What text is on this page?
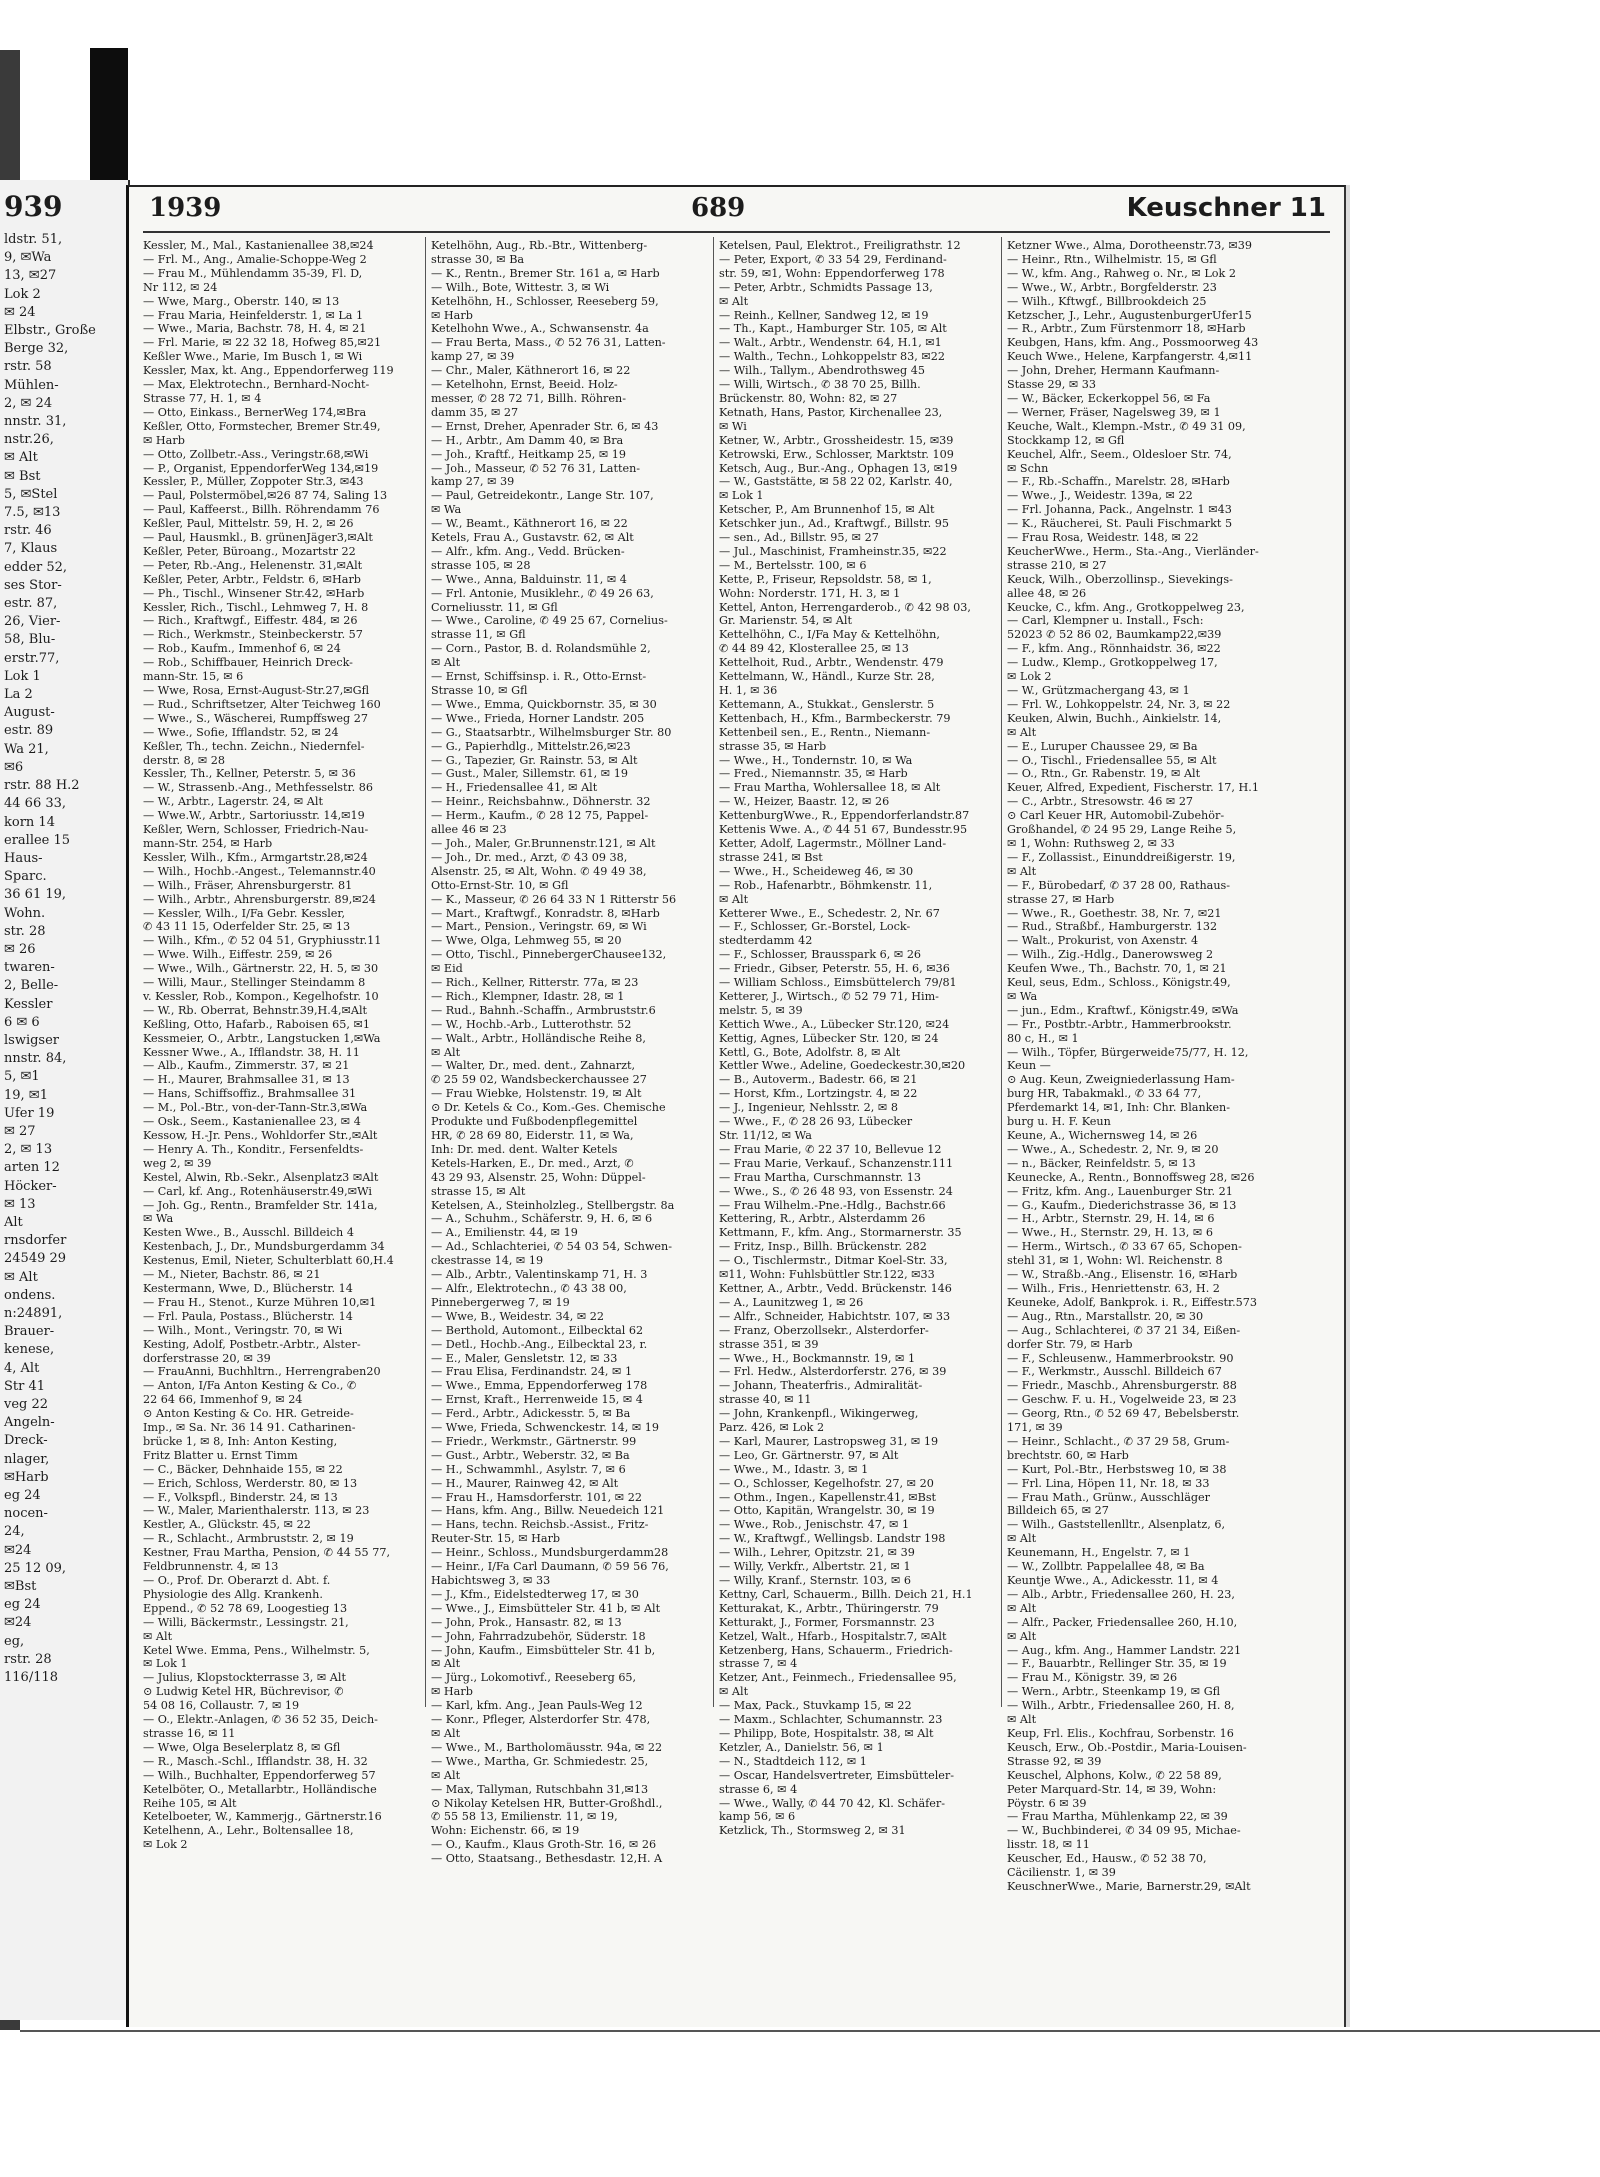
939
ldstr. 51,
9, ✉Wa
13, ✉27
Lok 2
✉ 24
Elbstr., Große
Berge 32,
rstr. 58
Mühlen-
2, ✉ 24
nnstr. 31,
nstr.26,
✉ Alt
✉ Bst
5, ✉Stel
7.5, ✉13
rstr. 46
7, Klaus
edder 52,
ses Stor-
estr. 87,
26, Vier-
58, Blu-
erstr.77,
Lok 1
La 2
August-
estr. 89
Wa 21,
✉6
rstr. 88 H.2
44 66 33,
korn 14
erallee 15
Haus-
Sparc.
36 61 19,
Wohn.
str. 28
✉ 26
twaren-
2, Belle-
Kessler
6 ✉ 6
lswigser
nnstr. 84,
5, ✉1
19, ✉1
Ufer 19
✉ 27
2, ✉ 13
arten 12
Höcker-
✉ 13
Alt
rnsdorfer
24549 29
✉ Alt
ondens.
n:24891,
Brauer-
kenese,
4, Alt
Str 41
veg 22
Angeln-
Dreck-
nlager,
✉Harb
eg 24
nocen-
24,
✉24
25 12 09,
✉Bst
eg 24
✉24
eg,
rstr. 28
116/118
1939	689	Keuschner 11
Kessler, M., Mal., Kastanienallee 38,✉24
— Frl. M., Ang., Amalie-Schoppe-Weg 2
— Frau M., Mühlendamm 35-39, Fl. D,
Nr 112, ✉ 24
— Wwe, Marg., Oberstr. 140, ✉ 13
— Frau Maria, Heinfelderstr. 1, ✉ La 1
— Wwe., Maria, Bachstr. 78, H. 4, ✉ 21
— Frl. Marie, ✉ 22 32 18, Hofweg 85,✉21
Keßler Wwe., Marie, Im Busch 1, ✉ Wi
Kessler, Max, kt. Ang., Eppendorferweg 119
— Max, Elektrotechn., Bernhard-Nocht-
Strasse 77, H. 1, ✉ 4
— Otto, Einkass., BernerWeg 174,✉Bra
Keßler, Otto, Formstecher, Bremer Str.49,
✉ Harb
— Otto, Zollbetr.-Ass., Veringstr.68,✉Wi
— P., Organist, EppendorferWeg 134,✉19
Kessler, P., Müller, Zoppoter Str.3, ✉43
— Paul, Polstermöbel,✉26 87 74, Saling 13
— Paul, Kaffeerst., Billh. Röhrendamm 76
Keßler, Paul, Mittelstr. 59, H. 2, ✉ 26
— Paul, Hausmkl., B. grünenJäger3,✉Alt
Keßler, Peter, Büroang., Mozartstr 22
— Peter, Rb.-Ang., Helenenstr. 31,✉Alt
Keßler, Peter, Arbtr., Feldstr. 6, ✉Harb
— Ph., Tischl., Winsener Str.42, ✉Harb
Kessler, Rich., Tischl., Lehmweg 7, H. 8
— Rich., Kraftwgf., Eiffestr. 484, ✉ 26
— Rich., Werkmstr., Steinbeckerstr. 57
— Rob., Kaufm., Immenhof 6, ✉ 24
— Rob., Schiffbauer, Heinrich Dreck-
mann-Str. 15, ✉ 6
— Wwe, Rosa, Ernst-August-Str.27,✉Gfl
— Rud., Schriftsetzer, Alter Teichweg 160
— Wwe., S., Wäscherei, Rumpffsweg 27
— Wwe., Sofie, Ifflandstr. 52, ✉ 24
Keßler, Th., techn. Zeichn., Niedernfel-
derstr. 8, ✉ 28
Kessler, Th., Kellner, Peterstr. 5, ✉ 36
— W., Strassenb.-Ang., Methfesselstr. 86
— W., Arbtr., Lagerstr. 24, ✉ Alt
— Wwe.W., Arbtr., Sartoriusstr. 14,✉19
Keßler, Wern, Schlosser, Friedrich-Nau-
mann-Str. 254, ✉ Harb
Kessler, Wilh., Kfm., Armgartstr.28,✉24
— Wilh., Hochb.-Angest., Telemannstr.40
— Wilh., Fräser, Ahrensburgerstr. 81
— Wilh., Arbtr., Ahrensburgerstr. 89,✉24
— Kessler, Wilh., I/Fa Gebr. Kessler,
✆ 43 11 15, Oderfelder Str. 25, ✉ 13
— Wilh., Kfm., ✆ 52 04 51, Gryphiusstr.11
— Wwe. Wilh., Eiffestr. 259, ✉ 26
— Wwe., Wilh., Gärtnerstr. 22, H. 5, ✉ 30
— Willi, Maur., Stellinger Steindamm 8
v. Kessler, Rob., Kompon., Kegelhofstr. 10
— W., Rb. Oberrat, Behnstr.39,H.4,✉Alt
Keßling, Otto, Hafarb., Raboisen 65, ✉1
Kessmeier, O., Arbtr., Langstucken 1,✉Wa
Kessner Wwe., A., Ifflandstr. 38, H. 11
— Alb., Kaufm., Zimmerstr. 37, ✉ 21
— H., Maurer, Brahmsallee 31, ✉ 13
— Hans, Schiffsoffiz., Brahmsallee 31
— M., Pol.-Btr., von-der-Tann-Str.3,✉Wa
— Osk., Seem., Kastanienallee 23, ✉ 4
Kessow, H.-Jr. Pens., Wohldorfer Str.,✉Alt
— Henry A. Th., Konditr., Fersenfeldts-
weg 2, ✉ 39
Kestel, Alwin, Rb.-Sekr., Alsenplatz3 ✉Alt
— Carl, kf. Ang., Rotenhäuserstr.49,✉Wi
— Joh. Gg., Rentn., Bramfelder Str. 141a,
✉ Wa
Kesten Wwe., B., Ausschl. Billdeich 4
Kestenbach, J., Dr., Mundsburgerdamm 34
Kestenus, Emil, Nieter, Schulterblatt 60,H.4
— M., Nieter, Bachstr. 86, ✉ 21
Kestermann, Wwe, D., Blücherstr. 14
— Frau H., Stenot., Kurze Mühren 10,✉1
— Frl. Paula, Postass., Blücherstr. 14
— Wilh., Mont., Veringstr. 70, ✉ Wi
Kesting, Adolf, Postbetr.-Arbtr., Alster-
dorferstrasse 20, ✉ 39
— FrauAnni, Buchhltrn., Herrengraben20
— Anton, I/Fa Anton Kesting & Co., ✆
22 64 66, Immenhof 9, ✉ 24
⊙ Anton Kesting & Co. HR. Getreide-
Imp., ✉ Sa. Nr. 36 14 91. Catharinen-
brücke 1, ✉ 8, Inh: Anton Kesting,
Fritz Blatter u. Ernst Timm
— C., Bäcker, Dehnhaide 155, ✉ 22
— Erich, Schloss, Werderstr. 80, ✉ 13
— F., Volkspfl., Binderstr. 24, ✉ 13
— W., Maler, Marienthalerstr. 113, ✉ 23
Kestler, A., Glückstr. 45, ✉ 22
— R., Schlacht., Armbruststr. 2, ✉ 19
Kestner, Frau Martha, Pension, ✆ 44 55 77,
Feldbrunnenstr. 4, ✉ 13
— O., Prof. Dr. Oberarzt d. Abt. f.
Physiologie des Allg. Krankenh.
Eppend., ✆ 52 78 69, Loogestieg 13
— Willi, Bäckermstr., Lessingstr. 21,
✉ Alt
Ketel Wwe. Emma, Pens., Wilhelmstr. 5,
✉ Lok 1
— Julius, Klopstockterrasse 3, ✉ Alt
⊙ Ludwig Ketel HR, Büchrevisor, ✆
54 08 16, Collaustr. 7, ✉ 19
— O., Elektr.-Anlagen, ✆ 36 52 35, Deich-
strasse 16, ✉ 11
— Wwe, Olga Beselerplatz 8, ✉ Gfl
— R., Masch.-Schl., Ifflandstr. 38, H. 32
— Wilh., Buchhalter, Eppendorferweg 57
Ketelböter, O., Metallarbtr., Holländische
Reihe 105, ✉ Alt
Ketelboeter, W., Kammerjg., Gärtnerstr.16
Ketelhenn, A., Lehr., Boltensallee 18,
✉ Lok 2
Ketelhöhn, Aug., Rb.-Btr., Wittenberg-
strasse 30, ✉ Ba
— K., Rentn., Bremer Str. 161 a, ✉ Harb
— Wilh., Bote, Wittestr. 3, ✉ Wi
Ketelhöhn, H., Schlosser, Reeseberg 59,
✉ Harb
Ketelhohn Wwe., A., Schwansenstr. 4a
— Frau Berta, Mass., ✆ 52 76 31, Latten-
kamp 27, ✉ 39
— Chr., Maler, Käthnerort 16, ✉ 22
— Ketelhohn, Ernst, Beeid. Holz-
messer, ✆ 28 72 71, Billh. Röhren-
damm 35, ✉ 27
— Ernst, Dreher, Apenrader Str. 6, ✉ 43
— H., Arbtr., Am Damm 40, ✉ Bra
— Joh., Kraftf., Heitkamp 25, ✉ 19
— Joh., Masseur, ✆ 52 76 31, Latten-
kamp 27, ✉ 39
— Paul, Getreidekontr., Lange Str. 107,
✉ Wa
— W., Beamt., Käthnerort 16, ✉ 22
Ketels, Frau A., Gustavstr. 62, ✉ Alt
— Alfr., kfm. Ang., Vedd. Brücken-
strasse 105, ✉ 28
— Wwe., Anna, Balduinstr. 11, ✉ 4
— Frl. Antonie, Musiklehr., ✆ 49 26 63,
Corneliusstr. 11, ✉ Gfl
— Wwe., Caroline, ✆ 49 25 67, Cornelius-
strasse 11, ✉ Gfl
— Corn., Pastor, B. d. Rolandsmühle 2,
✉ Alt
— Ernst, Schiffsinsp. i. R., Otto-Ernst-
Strasse 10, ✉ Gfl
— Wwe., Emma, Quickbornstr. 35, ✉ 30
— Wwe., Frieda, Horner Landstr. 205
— G., Staatsarbtr., Wilhelmsburger Str. 80
— G., Papierhdlg., Mittelstr.26,✉23
— G., Tapezier, Gr. Rainstr. 53, ✉ Alt
— Gust., Maler, Sillemstr. 61, ✉ 19
— H., Friedensallee 41, ✉ Alt
— Heinr., Reichsbahnw., Döhnerstr. 32
— Herm., Kaufm., ✆ 28 12 75, Pappel-
allee 46 ✉ 23
— Joh., Maler, Gr.Brunnenstr.121, ✉ Alt
— Joh., Dr. med., Arzt, ✆ 43 09 38,
Alsenstr. 25, ✉ Alt, Wohn. ✆ 49 49 38,
Otto-Ernst-Str. 10, ✉ Gfl
— K., Masseur, ✆ 26 64 33 N 1 Ritterstr 56
— Mart., Kraftwgf., Konradstr. 8, ✉Harb
— Mart., Pension., Veringstr. 69, ✉ Wi
— Wwe, Olga, Lehmweg 55, ✉ 20
— Otto, Tischl., PinnebergerChausee132,
✉ Eid
— Rich., Kellner, Ritterstr. 77a, ✉ 23
— Rich., Klempner, Idastr. 28, ✉ 1
— Rud., Bahnh.-Schaffn., Armbruststr.6
— W., Hochb.-Arb., Lutterothstr. 52
— Walt., Arbtr., Holländische Reihe 8,
✉ Alt
— Walter, Dr., med. dent., Zahnarzt,
✆ 25 59 02, Wandsbeckerchaussee 27
— Frau Wiebke, Holstenstr. 19, ✉ Alt
⊙ Dr. Ketels & Co., Kom.-Ges. Chemische
Produkte und Fußbodenpflegemittel
HR, ✆ 28 69 80, Eiderstr. 11, ✉ Wa,
Inh: Dr. med. dent. Walter Ketels
Ketels-Harken, E., Dr. med., Arzt, ✆
43 29 93, Alsenstr. 25, Wohn: Düppel-
strasse 15, ✉ Alt
Ketelsen, A., Steinholzleg., Stellbergstr. 8a
— A., Schuhm., Schäferstr. 9, H. 6, ✉ 6
— A., Emilienstr. 44, ✉ 19
— Ad., Schlachteriei, ✆ 54 03 54, Schwen-
ckestrasse 14, ✉ 19
— Alb., Arbtr., Valentinskamp 71, H. 3
— Alfr., Elektrotechn., ✆ 43 38 00,
Pinnebergerweg 7, ✉ 19
— Wwe, B., Weidestr. 34, ✉ 22
— Berthold, Automont., Eilbecktal 62
— Detl., Hochb.-Ang., Eilbecktal 23, r.
— E., Maler, Gensletstr. 12, ✉ 33
— Frau Elisa, Ferdinandstr. 24, ✉ 1
— Wwe., Emma, Eppendorferweg 178
— Ernst, Kraft., Herrenweide 15, ✉ 4
— Ferd., Arbtr., Adickesstr. 5, ✉ Ba
— Wwe, Frieda, Schwenckestr. 14, ✉ 19
— Friedr., Werkmstr., Gärtnerstr. 99
— Gust., Arbtr., Weberstr. 32, ✉ Ba
— H., Schwammhl., Asylstr. 7, ✉ 6
— H., Maurer, Rainweg 42, ✉ Alt
— Frau H., Hamsdorferstr. 101, ✉ 22
— Hans, kfm. Ang., Billw. Neuedeich 121
— Hans, techn. Reichsb.-Assist., Fritz-
Reuter-Str. 15, ✉ Harb
— Heinr., Schloss., Mundsburgerdamm28
— Heinr., I/Fa Carl Daumann, ✆ 59 56 76,
Habichtsweg 3, ✉ 33
— J., Kfm., Eidelstedterweg 17, ✉ 30
— Wwe., J., Eimsbütteler Str. 41 b, ✉ Alt
— John, Prok., Hansastr. 82, ✉ 13
— John, Fahrradzubehör, Süderstr. 18
— John, Kaufm., Eimsbütteler Str. 41 b,
✉ Alt
— Jürg., Lokomotivf., Reeseberg 65,
✉ Harb
— Karl, kfm. Ang., Jean Pauls-Weg 12
— Konr., Pfleger, Alsterdorfer Str. 478,
✉ Alt
— Wwe., M., Bartholomäusstr. 94a, ✉ 22
— Wwe., Martha, Gr. Schmiedestr. 25,
✉ Alt
— Max, Tallyman, Rutschbahn 31,✉13
⊙ Nikolay Ketelsen HR, Butter-Großhdl.,
✆ 55 58 13, Emilienstr. 11, ✉ 19,
Wohn: Eichenstr. 66, ✉ 19
— O., Kaufm., Klaus Groth-Str. 16, ✉ 26
— Otto, Staatsang., Bethesdastr. 12,H. A
Ketelsen, Paul, Elektrot., Freiligrathstr. 12
— Peter, Export, ✆ 33 54 29, Ferdinand-
str. 59, ✉1, Wohn: Eppendorferweg 178
— Peter, Arbtr., Schmidts Passage 13,
✉ Alt
— Reinh., Kellner, Sandweg 12, ✉ 19
— Th., Kapt., Hamburger Str. 105, ✉ Alt
— Walt., Arbtr., Wendenstr. 64, H.1, ✉1
— Walth., Techn., Lohkoppelstr 83, ✉22
— Wilh., Tallym., Abendrothsweg 45
— Willi, Wirtsch., ✆ 38 70 25, Billh.
Brückenstr. 80, Wohn: 82, ✉ 27
Ketnath, Hans, Pastor, Kirchenallee 23,
✉ Wi
Ketner, W., Arbtr., Grossheidestr. 15, ✉39
Ketrowski, Erw., Schlosser, Marktstr. 109
Ketsch, Aug., Bur.-Ang., Ophagen 13, ✉19
— W., Gaststätte, ✉ 58 22 02, Karlstr. 40,
✉ Lok 1
Ketscher, P., Am Brunnenhof 15, ✉ Alt
Ketschker jun., Ad., Kraftwgf., Billstr. 95
— sen., Ad., Billstr. 95, ✉ 27
— Jul., Maschinist, Framheinstr.35, ✉22
— M., Bertelsstr. 100, ✉ 6
Kette, P., Friseur, Repsoldstr. 58, ✉ 1,
Wohn: Norderstr. 171, H. 3, ✉ 1
Kettel, Anton, Herrengarderob., ✆ 42 98 03,
Gr. Marienstr. 54, ✉ Alt
Kettelhöhn, C., I/Fa May & Kettelhöhn,
✆ 44 89 42, Klosterallee 25, ✉ 13
Kettelhoit, Rud., Arbtr., Wendenstr. 479
Kettelmann, W., Händl., Kurze Str. 28,
H. 1, ✉ 36
Kettemann, A., Stukkat., Genslerstr. 5
Kettenbach, H., Kfm., Barmbeckerstr. 79
Kettenbeil sen., E., Rentn., Niemann-
strasse 35, ✉ Harb
— Wwe., H., Tondernstr. 10, ✉ Wa
— Fred., Niemannstr. 35, ✉ Harb
— Frau Martha, Wohlersallee 18, ✉ Alt
— W., Heizer, Baastr. 12, ✉ 26
KettenburgWwe., R., Eppendorferlandstr.87
Kettenis Wwe. A., ✆ 44 51 67, Bundesstr.95
Ketter, Adolf, Lagermstr., Möllner Land-
strasse 241, ✉ Bst
— Wwe., H., Scheideweg 46, ✉ 30
— Rob., Hafenarbtr., Böhmkenstr. 11,
✉ Alt
Ketterer Wwe., E., Schedestr. 2, Nr. 67
— F., Schlosser, Gr.-Borstel, Lock-
stedterdamm 42
— F., Schlosser, Brausspark 6, ✉ 26
— Friedr., Gibser, Peterstr. 55, H. 6, ✉36
— William Schloss., Eimsbüttelerch 79/81
Ketterer, J., Wirtsch., ✆ 52 79 71, Him-
melstr. 5, ✉ 39
Kettich Wwe., A., Lübecker Str.120, ✉24
Kettig, Agnes, Lübecker Str. 120, ✉ 24
Kettl, G., Bote, Adolfstr. 8, ✉ Alt
Kettler Wwe., Adeline, Goedeckestr.30,✉20
— B., Autoverm., Badestr. 66, ✉ 21
— Horst, Kfm., Lortzingstr. 4, ✉ 22
— J., Ingenieur, Nehlsstr. 2, ✉ 8
— Wwe., F., ✆ 28 26 93, Lübecker
Str. 11/12, ✉ Wa
— Frau Marie, ✆ 22 37 10, Bellevue 12
— Frau Marie, Verkauf., Schanzenstr.111
— Frau Martha, Curschmannstr. 13
— Wwe., S., ✆ 26 48 93, von Essenstr. 24
— Frau Wilhelm.-Pne.-Hdlg., Bachstr.66
Kettering, R., Arbtr., Alsterdamm 26
Kettmann, F., kfm. Ang., Stormarnerstr. 35
— Fritz, Insp., Billh. Brückenstr. 282
— O., Tischlermstr., Ditmar Koel-Str. 33,
✉11, Wohn: Fuhlsbüttler Str.122, ✉33
Kettner, A., Arbtr., Vedd. Brückenstr. 146
— A., Launitzweg 1, ✉ 26
— Alfr., Schneider, Habichtstr. 107, ✉ 33
— Franz, Oberzollsekr., Alsterdorfer-
strasse 351, ✉ 39
— Wwe., H., Bockmannstr. 19, ✉ 1
— Frl. Hedw., Alsterdorferstr. 276, ✉ 39
— Johann, Theaterfris., Admiralität-
strasse 40, ✉ 11
— John, Krankenpfl., Wikingerweg,
Parz. 426, ✉ Lok 2
— Karl, Maurer, Lastropsweg 31, ✉ 19
— Leo, Gr. Gärtnerstr. 97, ✉ Alt
— Wwe., M., Idastr. 3, ✉ 1
— O., Schlosser, Kegelhofstr. 27, ✉ 20
— Othm., Ingen., Kapellenstr.41, ✉Bst
— Otto, Kapitän, Wrangelstr. 30, ✉ 19
— Wwe., Rob., Jenischstr. 47, ✉ 1
— W., Kraftwgf., Wellingsb. Landstr 198
— Wilh., Lehrer, Opitzstr. 21, ✉ 39
— Willy, Verkfr., Albertstr. 21, ✉ 1
— Willy, Kranf., Sternstr. 103, ✉ 6
Kettny, Carl, Schauerm., Billh. Deich 21, H.1
Ketturakat, K., Arbtr., Thüringerstr. 79
Ketturakt, J., Former, Forsmannstr. 23
Ketzel, Walt., Hfarb., Hospitalstr.7, ✉Alt
Ketzenberg, Hans, Schauerm., Friedrich-
strasse 7, ✉ 4
Ketzer, Ant., Feinmech., Friedensallee 95,
✉ Alt
— Max, Pack., Stuvkamp 15, ✉ 22
— Maxm., Schlachter, Schumannstr. 23
— Philipp, Bote, Hospitalstr. 38, ✉ Alt
Ketzler, A., Danielstr. 56, ✉ 1
— N., Stadtdeich 112, ✉ 1
— Oscar, Handelsvertreter, Eimsbütteler-
strasse 6, ✉ 4
— Wwe., Wally, ✆ 44 70 42, Kl. Schäfer-
kamp 56, ✉ 6
Ketzlick, Th., Stormsweg 2, ✉ 31
Ketzner Wwe., Alma, Dorotheenstr.73, ✉39
— Heinr., Rtn., Wilhelmistr. 15, ✉ Gfl
— W., kfm. Ang., Rahweg o. Nr., ✉ Lok 2
— Wwe., W., Arbtr., Borgfelderstr. 23
— Wilh., Kftwgf., Billbrookdeich 25
Ketzscher, J., Lehr., AugustenburgerUfer15
— R., Arbtr., Zum Fürstenmorr 18, ✉Harb
Keubgen, Hans, kfm. Ang., Possmoorweg 43
Keuch Wwe., Helene, Karpfangerstr. 4,✉11
— John, Dreher, Hermann Kaufmann-
Stasse 29, ✉ 33
— W., Bäcker, Eckerkoppel 56, ✉ Fa
— Werner, Fräser, Nagelsweg 39, ✉ 1
Keuche, Walt., Klempn.-Mstr., ✆ 49 31 09,
Stockkamp 12, ✉ Gfl
Keuchel, Alfr., Seem., Oldesloer Str. 74,
✉ Schn
— F., Rb.-Schaffn., Marelstr. 28, ✉Harb
— Wwe., J., Weidestr. 139a, ✉ 22
— Frl. Johanna, Pack., Angelnstr. 1 ✉43
— K., Räucherei, St. Pauli Fischmarkt 5
— Frau Rosa, Weidestr. 148, ✉ 22
KeucherWwe., Herm., Sta.-Ang., Vierländer-
strasse 210, ✉ 27
Keuck, Wilh., Oberzollinsp., Sievekings-
allee 48, ✉ 26
Keucke, C., kfm. Ang., Grotkoppelweg 23,
— Carl, Klempner u. Install., Fsch:
52023 ✆ 52 86 02, Baumkamp22,✉39
— F., kfm. Ang., Rönnhaidstr. 36, ✉22
— Ludw., Klemp., Grotkoppelweg 17,
✉ Lok 2
— W., Grützmachergang 43, ✉ 1
— Frl. W., Lohkoppelstr. 24, Nr. 3, ✉ 22
Keuken, Alwin, Buchh., Ainkielstr. 14,
✉ Alt
— E., Luruper Chaussee 29, ✉ Ba
— O., Tischl., Friedensallee 55, ✉ Alt
— O., Rtn., Gr. Rabenstr. 19, ✉ Alt
Keuer, Alfred, Expedient, Fischerstr. 17, H.1
— C., Arbtr., Stresowstr. 46 ✉ 27
⊙ Carl Keuer HR, Automobil-Zubehör-
Großhandel, ✆ 24 95 29, Lange Reihe 5,
✉ 1, Wohn: Ruthsweg 2, ✉ 33
— F., Zollassist., Einunddreißigerstr. 19,
✉ Alt
— F., Bürobedarf, ✆ 37 28 00, Rathaus-
strasse 27, ✉ Harb
— Wwe., R., Goethestr. 38, Nr. 7, ✉21
— Rud., Straßbf., Hamburgerstr. 132
— Walt., Prokurist, von Axenstr. 4
— Wilh., Zig.-Hdlg., Danerowsweg 2
Keufen Wwe., Th., Bachstr. 70, 1, ✉ 21
Keul, seus, Edm., Schloss., Königstr.49,
✉ Wa
— jun., Edm., Kraftwf., Königstr.49, ✉Wa
— Fr., Postbtr.-Arbtr., Hammerbrookstr.
80 c, H., ✉ 1
— Wilh., Töpfer, Bürgerweide75/77, H. 12,
Keun —
⊙ Aug. Keun, Zweigniederlassung Ham-
burg HR, Tabakmakl., ✆ 33 64 77,
Pferdemarkt 14, ✉1, Inh: Chr. Blanken-
burg u. H. F. Keun
Keune, A., Wichernsweg 14, ✉ 26
— Wwe., A., Schedestr. 2, Nr. 9, ✉ 20
— n., Bäcker, Reinfeldstr. 5, ✉ 13
Keunecke, A., Rentn., Bonnoffsweg 28, ✉26
— Fritz, kfm. Ang., Lauenburger Str. 21
— G., Kaufm., Diederichstrasse 36, ✉ 13
— H., Arbtr., Sternstr. 29, H. 14, ✉ 6
— Wwe., H., Sternstr. 29, H. 13, ✉ 6
— Herm., Wirtsch., ✆ 33 67 65, Schopen-
stehl 31, ✉ 1, Wohn: Wl. Reichenstr. 8
— W., Straßb.-Ang., Elisenstr. 16, ✉Harb
— Wilh., Fris., Henriettenstr. 63, H. 2
Keuneke, Adolf, Bankprok. i. R., Eiffestr.573
— Aug., Rtn., Marstallstr. 20, ✉ 30
— Aug., Schlachterei, ✆ 37 21 34, Eißen-
dorfer Str. 79, ✉ Harb
— F., Schleusenw., Hammerbrookstr. 90
— F., Werkmstr., Ausschl. Billdeich 67
— Friedr., Maschb., Ahrensburgerstr. 88
— Geschw. F. u. H., Vogelweide 23, ✉ 23
— Georg, Rtn., ✆ 52 69 47, Bebelsberstr.
171, ✉ 39
— Heinr., Schlacht., ✆ 37 29 58, Grum-
brechtstr. 60, ✉ Harb
— Kurt, Pol.-Btr., Herbstsweg 10, ✉ 38
— Frl. Lina, Höpen 11, Nr. 18, ✉ 33
— Frau Math., Grünw., Ausschläger
Billdeich 65, ✉ 27
— Wilh., Gaststellenlltr., Alsenplatz, 6,
✉ Alt
Keunemann, H., Engelstr. 7, ✉ 1
— W., Zollbtr. Pappelallee 48, ✉ Ba
Keuntje Wwe., A., Adickesstr. 11, ✉ 4
— Alb., Arbtr., Friedensallee 260, H. 23,
✉ Alt
— Alfr., Packer, Friedensallee 260, H.10,
✉ Alt
— Aug., kfm. Ang., Hammer Landstr. 221
— F., Bauarbtr., Rellinger Str. 35, ✉ 19
— Frau M., Königstr. 39, ✉ 26
— Wern., Arbtr., Steenkamp 19, ✉ Gfl
— Wilh., Arbtr., Friedensallee 260, H. 8,
✉ Alt
Keup, Frl. Elis., Kochfrau, Sorbenstr. 16
Keusch, Erw., Ob.-Postdir., Maria-Louisen-
Strasse 92, ✉ 39
Keuschel, Alphons, Kolw., ✆ 22 58 89,
Peter Marquard-Str. 14, ✉ 39, Wohn:
Pöystr. 6 ✉ 39
— Frau Martha, Mühlenkamp 22, ✉ 39
— W., Buchbinderei, ✆ 34 09 95, Michae-
lisstr. 18, ✉ 11
Keuscher, Ed., Hausw., ✆ 52 38 70,
Cäcilienstr. 1, ✉ 39
KeuschnerWwe., Marie, Barnerstr.29, ✉Alt
